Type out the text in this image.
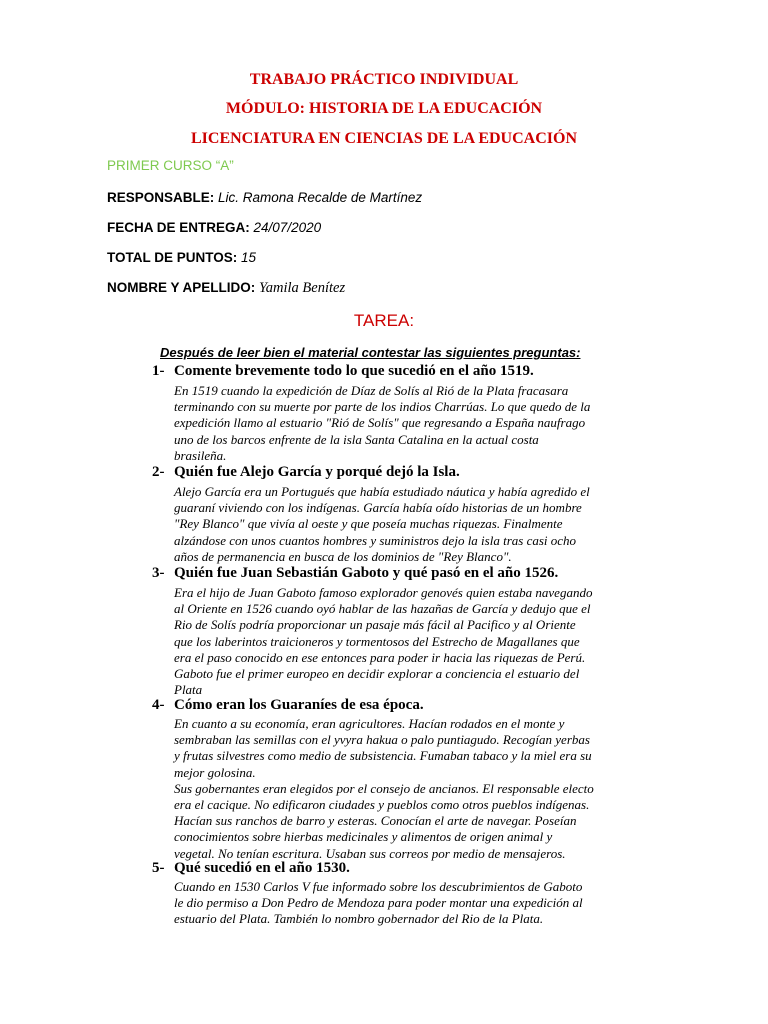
TRABAJO PRÁCTICO INDIVIDUAL
MÓDULO: HISTORIA DE LA EDUCACIÓN
LICENCIATURA EN CIENCIAS DE LA EDUCACIÓN
PRIMER CURSO “A”
RESPONSABLE: Lic. Ramona Recalde de Martínez
FECHA DE ENTREGA: 24/07/2020
TOTAL DE PUNTOS: 15
NOMBRE Y APELLIDO: Yamila Benítez
TAREA:
Después de leer bien el material contestar las siguientes preguntas:
1- Comente brevemente todo lo que sucedió en el año 1519.
En 1519 cuando la expedición de Díaz de Solís al Rió de la Plata fracasara
terminando con su muerte por parte de los indios Charrúas. Lo que quedo de la
expedición llamo al estuario "Rió de Solís" que regresando a España naufrago
uno de los barcos enfrente de la isla Santa Catalina en la actual costa
brasileña.
2- Quién fue Alejo García y porqué dejó la Isla.
Alejo García era un Portugués que había estudiado náutica y había agredido el
guaraní viviendo con los indígenas. García había oído historias de un hombre
"Rey Blanco" que vivía al oeste y que poseía muchas riquezas. Finalmente
alzándose con unos cuantos hombres y suministros dejo la isla tras casi ocho
años de permanencia en busca de los dominios de "Rey Blanco".
3- Quién fue Juan Sebastián Gaboto y qué pasó en el año 1526.
Era el hijo de Juan Gaboto famoso explorador genovés quien estaba navegando
al Oriente en 1526 cuando oyó hablar de las hazañas de García y dedujo que el
Rio de Solís podría proporcionar un pasaje más fácil al Pacifico y al Oriente
que los laberintos traicioneros y tormentosos del Estrecho de Magallanes que
era el paso conocido en ese entonces para poder ir hacia las riquezas de Perú.
Gaboto fue el primer europeo en decidir explorar a conciencia el estuario del
Plata
4- Cómo eran los Guaraníes de esa época.
En cuanto a su economía, eran agricultores. Hacían rodados en el monte y
sembraban las semillas con el yvyra hakua o palo puntiagudo. Recogían yerbas
y frutas silvestres como medio de subsistencia. Fumaban tabaco y la miel era su
mejor golosina.
Sus gobernantes eran elegidos por el consejo de ancianos. El responsable electo
era el cacique. No edificaron ciudades y pueblos como otros pueblos indígenas.
Hacían sus ranchos de barro y esteras. Conocían el arte de navegar. Poseían
conocimientos sobre hierbas medicinales y alimentos de origen animal y
vegetal. No tenían escritura. Usaban sus correos por medio de mensajeros.
5- Qué sucedió en el año 1530.
Cuando en 1530 Carlos V fue informado sobre los descubrimientos de Gaboto
le dio permiso a Don Pedro de Mendoza para poder montar una expedición al
estuario del Plata. También lo nombro gobernador del Rio de la Plata.
